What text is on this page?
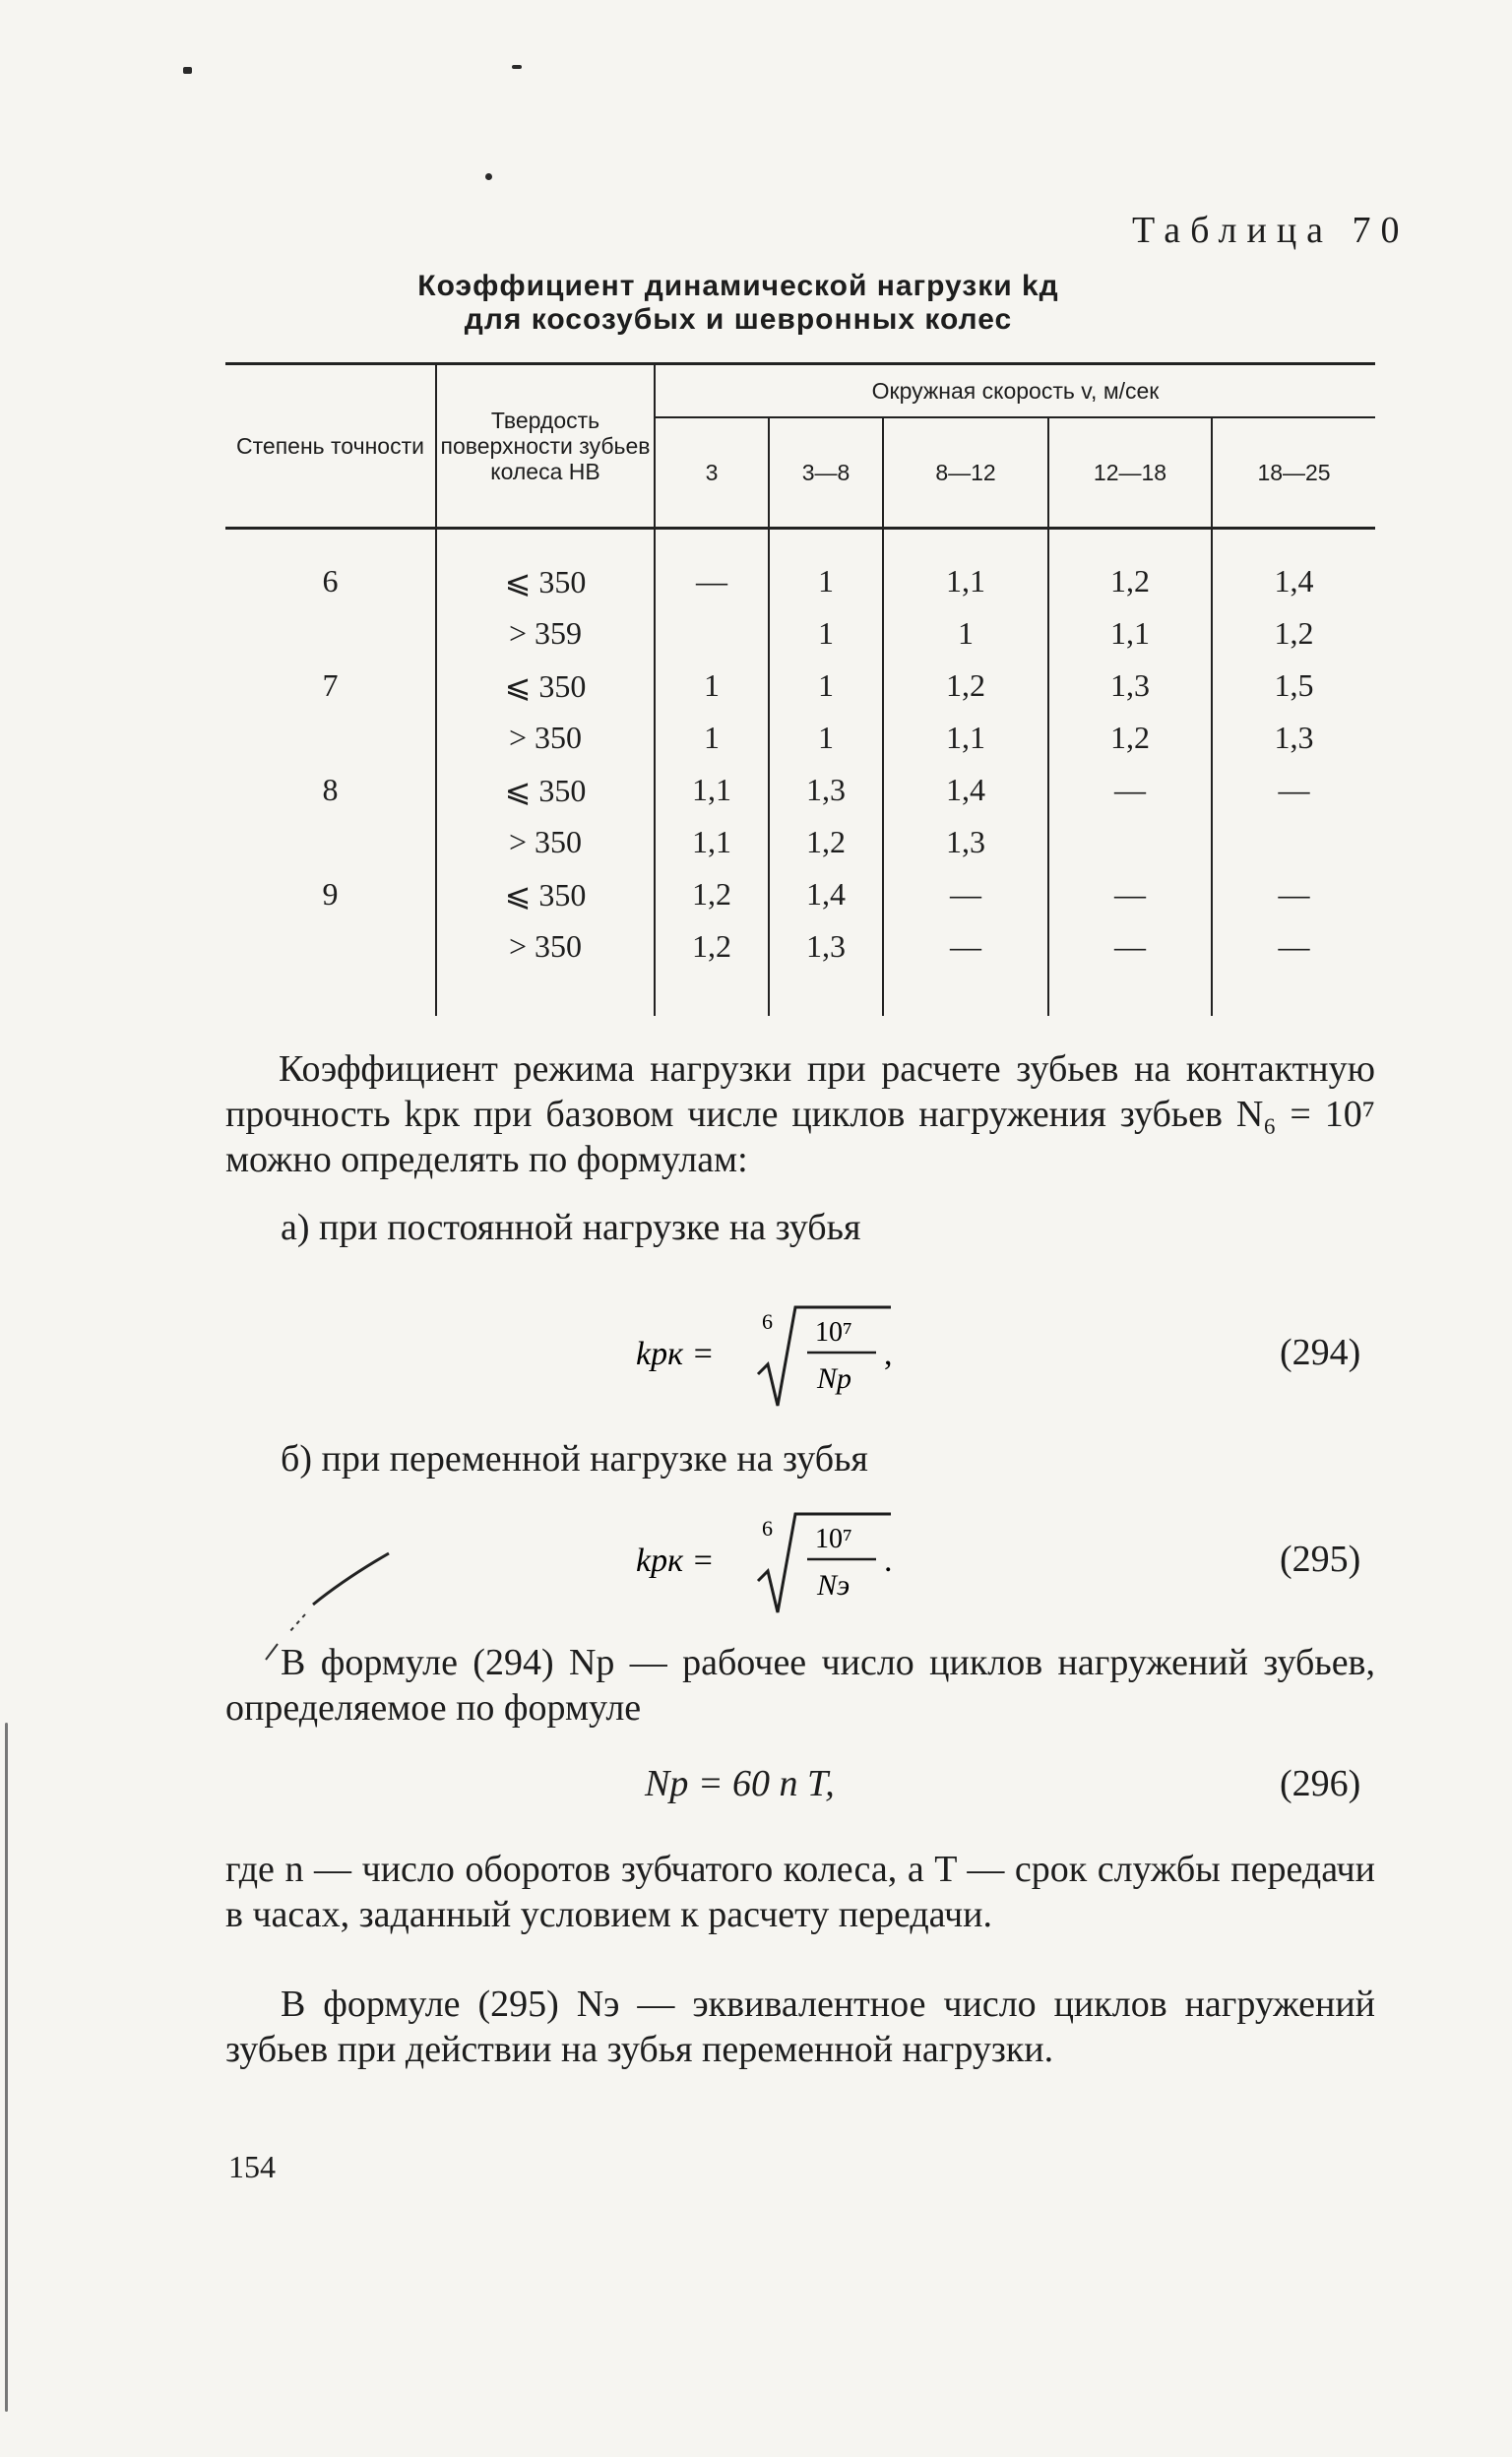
Таблица 70
Коэффициент динамической нагрузки kд
для косозубых и шевронных колес
Степень точности	Твердость поверхности зубьев колеса HB	Окружная скорость v, м/сек				
		3	3—8	8—12	12—18	18—25
6	⩽ 350	—	1	1,1	1,2	1,4
	> 359		1	1	1,1	1,2
7	⩽ 350	1	1	1,2	1,3	1,5
	> 350	1	1	1,1	1,2	1,3
8	⩽ 350	1,1	1,3	1,4	—	—
	> 350	1,1	1,2	1,3		
9	⩽ 350	1,2	1,4	—	—	—
	> 350	1,2	1,3	—	—	—
Коэффициент режима нагрузки при расчете зубьев на контактную прочность kрк при базовом числе циклов нагружения зубьев N₆ = 10⁷ можно определять по формулам:
а) при постоянной нагрузке на зубья
kрк =
6 10⁷
Nр
,	(294)
б) при переменной нагрузке на зубья
kрк =
6 10⁷
Nэ
.	(295)
В формуле (294) Nр — рабочее число циклов нагружений зубьев, определяемое по формуле
Nр = 60 n T,	(296)
где n — число оборотов зубчатого колеса, а T — срок службы передачи в часах, заданный условием к расчету передачи.
В формуле (295) Nэ — эквивалентное число циклов нагружений зубьев при действии на зубья переменной нагрузки.
154
